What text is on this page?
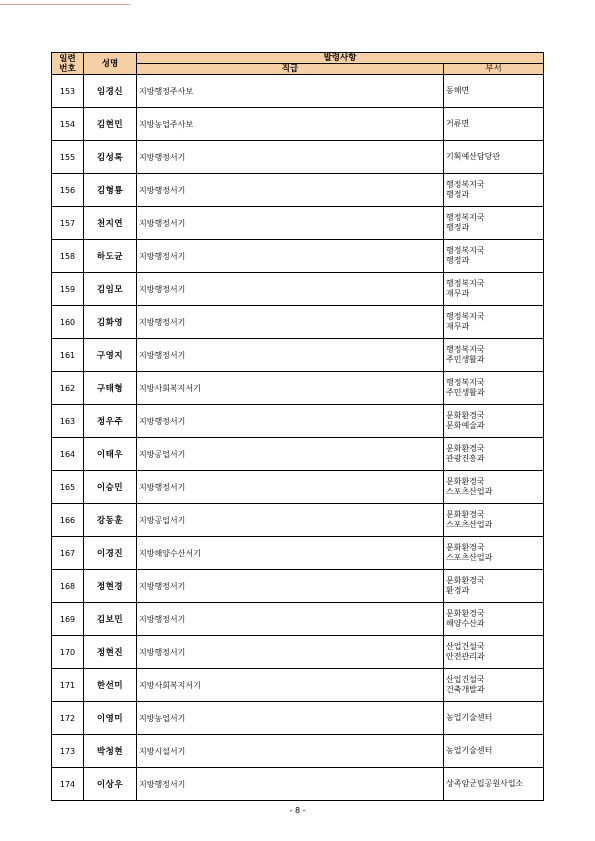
일련
번호	성명	발령사항	
		직급	부서
153	임경신	지방행정주사보	동해면

154	김현민	지방농업주사보	거류면

155	김성록	지방행정서기	기획예산담당관

156	김형룡	지방행정서기	행정복지국
행정과

157	천지연	지방행정서기	행정복지국
행정과

158	하도균	지방행정서기	행정복지국
행정과

159	김임모	지방행정서기	행정복지국
재무과

160	김화영	지방행정서기	행정복지국
재무과

161	구영지	지방행정서기	행정복지국
주민생활과

162	구태형	지방사회복지서기	행정복지국
주민생활과

163	정우주	지방행정서기	문화환경국
문화예술과

164	이태우	지방공업서기	문화환경국
관광진흥과

165	이승민	지방행정서기	문화환경국
스포츠산업과

166	강동훈	지방공업서기	문화환경국
스포츠산업과

167	이경진	지방해양수산서기	문화환경국
스포츠산업과

168	정현경	지방행정서기	문화환경국
환경과

169	김보민	지방행정서기	문화환경국
해양수산과

170	정현진	지방행정서기	산업건설국
안전관리과

171	한선미	지방사회복지서기	산업건설국
건축개발과

172	이영미	지방농업서기	농업기술센터

173	박청현	지방시설서기	농업기술센터

174	이상우	지방행정서기	상족암군립공원사업소
- 8 -
